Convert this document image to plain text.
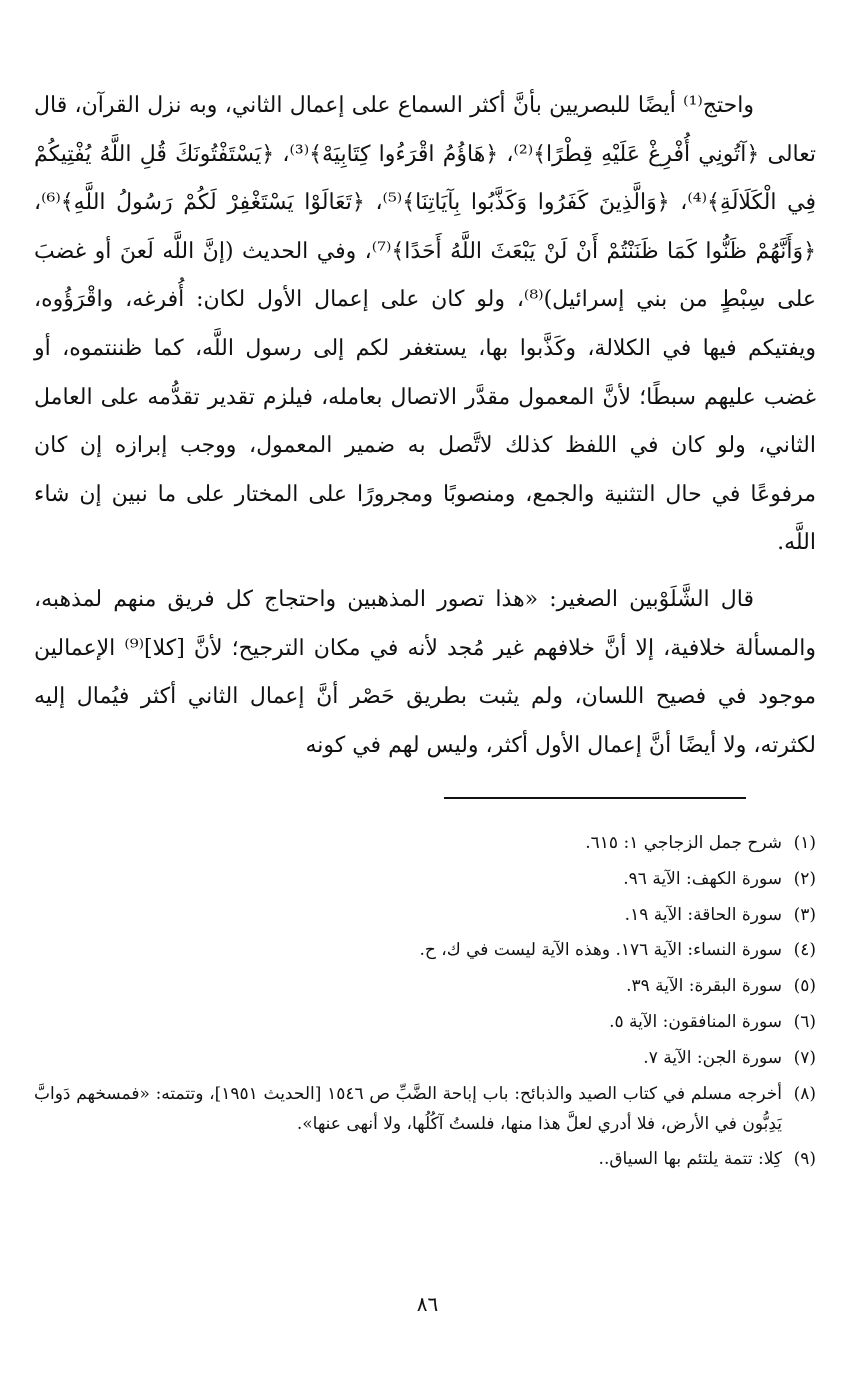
واحتج⁽¹⁾ أيضًا للبصريين بأنَّ أكثر السماع على إعمال الثاني، وبه نزل القرآن، قال تعالى ﴿آتُونِي أُفْرِغْ عَلَيْهِ قِطْرًا﴾⁽²⁾، ﴿هَاؤُمُ اقْرَءُوا كِتَابِيَهْ﴾⁽³⁾، ﴿يَسْتَفْتُونَكَ قُلِ اللَّهُ يُفْتِيكُمْ فِي الْكَلَالَةِ﴾⁽⁴⁾، ﴿وَالَّذِينَ كَفَرُوا وَكَذَّبُوا بِآيَاتِنَا﴾⁽⁵⁾، ﴿تَعَالَوْا يَسْتَغْفِرْ لَكُمْ رَسُولُ اللَّهِ﴾⁽⁶⁾، ﴿وَأَنَّهُمْ ظَنُّوا كَمَا ظَنَنْتُمْ أَنْ لَنْ يَبْعَثَ اللَّهُ أَحَدًا﴾⁽⁷⁾، وفي الحديث (إنَّ اللَّه لَعنَ أو غضبَ على سِبْطٍ من بني إسرائيل)⁽⁸⁾، ولو كان على إعمال الأول لكان: أُفرغه، واقْرَؤُوه، ويفتيكم فيها في الكلالة، وكَذَّبوا بها، يستغفر لكم إلى رسول اللَّه، كما ظننتموه، أو غضب عليهم سبطًا؛ لأنَّ المعمول مقدَّر الاتصال بعامله، فيلزم تقدير تقدُّمه على العامل الثاني، ولو كان في اللفظ كذلك لاتَّصل به ضمير المعمول، ووجب إبرازه إن كان مرفوعًا في حال التثنية والجمع، ومنصوبًا ومجرورًا على المختار على ما نبين إن شاء اللَّه.

قال الشَّلَوْبين الصغير: «هذا تصور المذهبين واحتجاج كل فريق منهم لمذهبه، والمسألة خلافية، إلا أنَّ خلافهم غير مُجد لأنه في مكان الترجيح؛ لأنَّ [كلا]⁽⁹⁾ الإعمالين موجود في فصيح اللسان، ولم يثبت بطريق حَصْر أنَّ إعمال الثاني أكثر فيُمال إليه لكثرته، ولا أيضًا أنَّ إعمال الأول أكثر، وليس لهم في كونه

(١)شرح جمل الزجاجي ١: ٦١٥.

(٢)سورة الكهف: الآية ٩٦.

(٣)سورة الحاقة: الآية ١٩.

(٤)سورة النساء: الآية ١٧٦. وهذه الآية ليست في ك، ح.

(٥)سورة البقرة: الآية ٣٩.

(٦)سورة المنافقون: الآية ٥.

(٧)سورة الجن: الآية ٧.

(٨)أخرجه مسلم في كتاب الصيد والذبائح: باب إباحة الضَّبِّ ص ١٥٤٦ [الحديث ١٩٥١]، وتتمته: «فمسخهم دَوابَّ يَدِبُّون في الأرض، فلا أدري لعلَّ هذا منها، فلستُ آكُلُها، ولا أنهى عنها».

(٩)كِلا: تتمة يلتئم بها السياق..

٨٦
